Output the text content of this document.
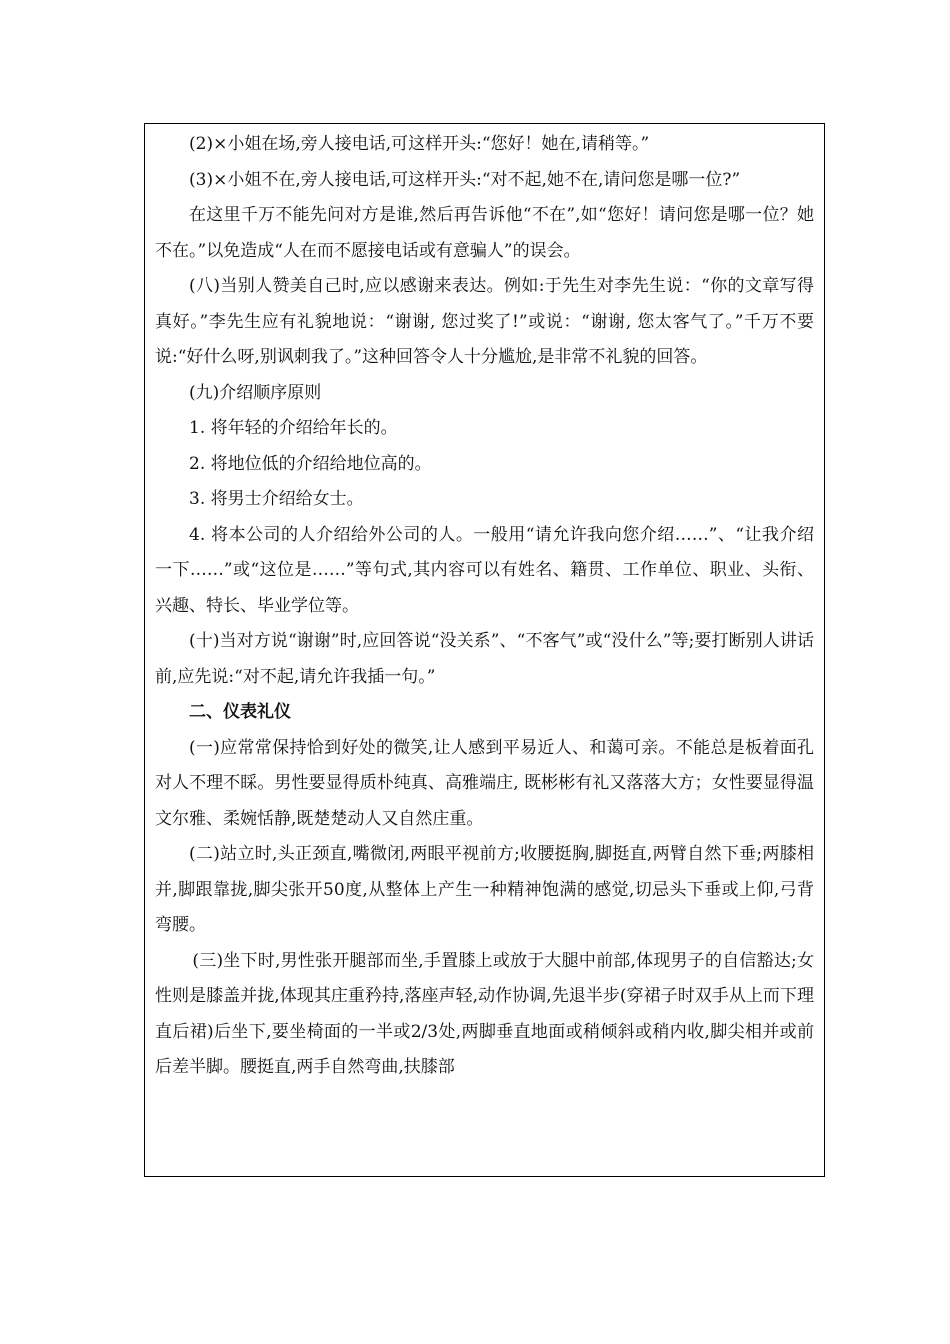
(2)×小姐在场,旁人接电话,可这样开头:“您好！她在,请稍等。”

(3)×小姐不在,旁人接电话,可这样开头:“对不起,她不在,请问您是哪一位?”

在这里千万不能先问对方是谁,然后再告诉他“不在”,如“您好！请问您是哪一位？她不在。”以免造成“人在而不愿接电话或有意骗人”的误会。

(八)当别人赞美自己时,应以感谢来表达。例如:于先生对李先生说：“你的文章写得真好。”李先生应有礼貌地说：“谢谢, 您过奖了!”或说：“谢谢, 您太客气了。”千万不要说:“好什么呀,别讽刺我了。”这种回答令人十分尴尬,是非常不礼貌的回答。

(九)介绍顺序原则

1. 将年轻的介绍给年长的。

2. 将地位低的介绍给地位高的。

3. 将男士介绍给女士。

4. 将本公司的人介绍给外公司的人。一般用“请允许我向您介绍……”、“让我介绍一下……”或“这位是……”等句式,其内容可以有姓名、籍贯、工作单位、职业、头衔、兴趣、特长、毕业学位等。

(十)当对方说“谢谢”时,应回答说“没关系”、“不客气”或“没什么”等;要打断别人讲话前,应先说:“对不起,请允许我插一句。”

二、仪表礼仪

(一)应常常保持恰到好处的微笑,让人感到平易近人、和蔼可亲。不能总是板着面孔对人不理不睬。男性要显得质朴纯真、高雅端庄, 既彬彬有礼又落落大方；女性要显得温文尔雅、柔婉恬静,既楚楚动人又自然庄重。

(二)站立时,头正颈直,嘴微闭,两眼平视前方;收腰挺胸,脚挺直,两臂自然下垂;两膝相并,脚跟靠拢,脚尖张开50度,从整体上产生一种精神饱满的感觉,切忌头下垂或上仰,弓背弯腰。

(三)坐下时,男性张开腿部而坐,手置膝上或放于大腿中前部,体现男子的自信豁达;女性则是膝盖并拢,体现其庄重矜持,落座声轻,动作协调,先退半步(穿裙子时双手从上而下理直后裙)后坐下,要坐椅面的一半或2/3处,两脚垂直地面或稍倾斜或稍内收,脚尖相并或前后差半脚。腰挺直,两手自然弯曲,扶膝部
